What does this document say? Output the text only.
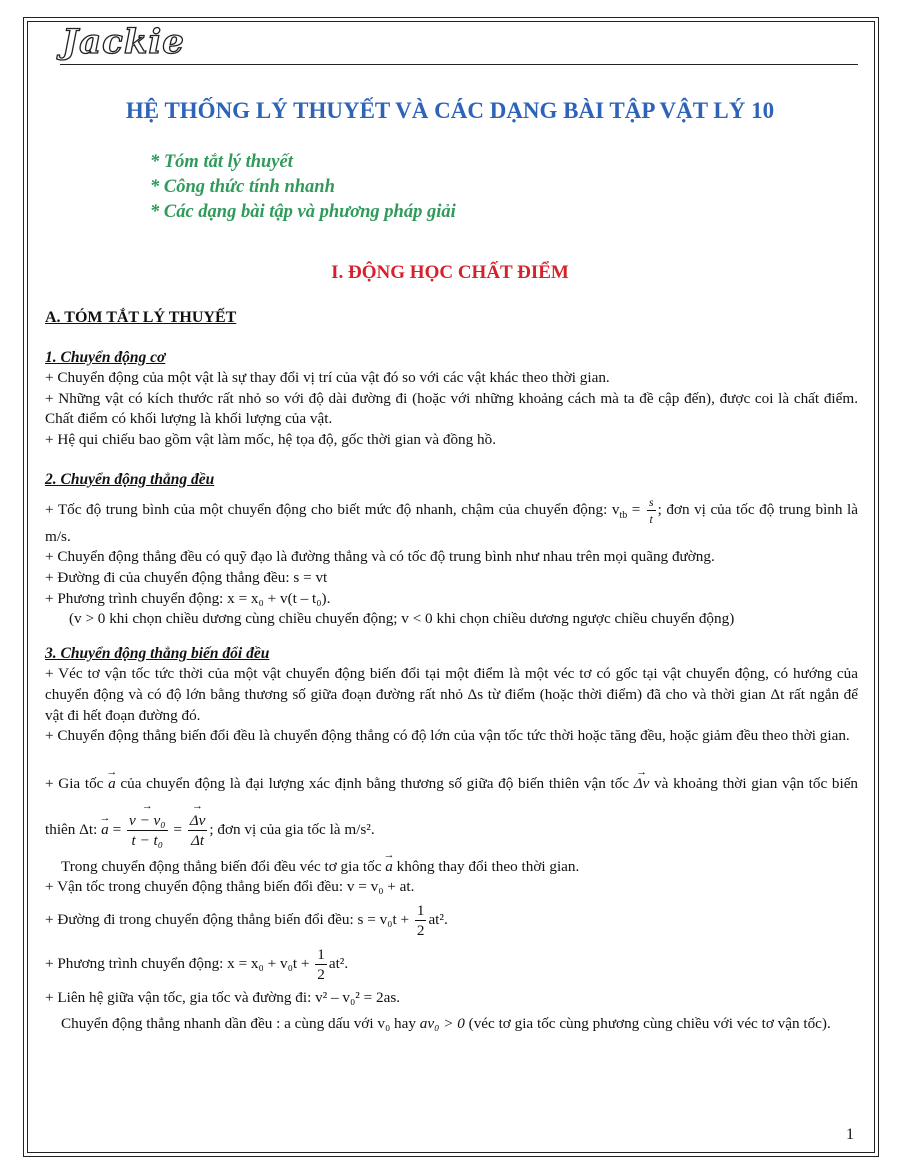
Jackie
HỆ THỐNG LÝ THUYẾT VÀ CÁC DẠNG BÀI TẬP VẬT LÝ 10
* Tóm tắt lý thuyết
* Công thức tính nhanh
* Các dạng bài tập và phương pháp giải
I. ĐỘNG HỌC CHẤT ĐIỂM

A. TÓM TẮT LÝ THUYẾT

1. Chuyển động cơ

+ Chuyển động của một vật là sự thay đổi vị trí của vật đó so với các vật khác theo thời gian.

+ Những vật có kích thước rất nhỏ so với độ dài đường đi (hoặc với những khoảng cách mà ta đề cập đến), được coi là chất điểm. Chất điểm có khối lượng là khối lượng của vật.

+ Hệ qui chiếu bao gồm vật làm mốc, hệ tọa độ, gốc thời gian và đồng hồ.

2. Chuyển động thẳng đều

+ Tốc độ trung bình của một chuyển động cho biết mức độ nhanh, chậm của chuyển động: $v_{tb} = \frac{s}{t}$ ; đơn vị của tốc độ trung bình là m/s.

+ Chuyển động thẳng đều có quỹ đạo là đường thẳng và có tốc độ trung bình như nhau trên mọi quãng đường.

+ Đường đi của chuyển động thẳng đều: s = vt

+ Phương trình chuyển động: x = x₀ + v(t – t₀).

(v > 0 khi chọn chiều dương cùng chiều chuyển động; v < 0 khi chọn chiều dương ngược chiều chuyển động)

3. Chuyển động thẳng biến đổi đều

+ Véc tơ vận tốc tức thời của một vật chuyển động biến đổi tại một điểm là một véc tơ có gốc tại vật chuyển động, có hướng của chuyển động và có độ lớn bằng thương số giữa đoạn đường rất nhỏ Δs từ điểm (hoặc thời điểm) đã cho và thời gian Δt rất ngắn để vật đi hết đoạn đường đó.

+ Chuyển động thẳng biến đổi đều là chuyển động thẳng có độ lớn của vận tốc tức thời hoặc tăng đều, hoặc giảm đều theo thời gian.

+ Gia tốc → a của chuyển động là đại lượng xác định bằng thương số giữa độ biến thiên vận tốc → Δv và khoảng thời gian vận tốc biến thiên Δt: → a = → $\frac{\text{v − v₀}}{\text{t − t₀}}$ = → $\frac{\Delta v}{\Delta t}$ ; đơn vị của gia tốc là m/s².

Trong chuyển động thẳng biến đổi đều véc tơ gia tốc → a không thay đổi theo thời gian.

+ Vận tốc trong chuyển động thẳng biến đổi đều: v = v₀ + at.

+ Đường đi trong chuyển động thẳng biến đổi đều: $s = v_0t + \frac{1}{2} at^2$.

+ Phương trình chuyển động: $x = x_0 + v_0t + \frac{1}{2} at^2$.

+ Liên hệ giữa vận tốc, gia tốc và đường đi: v² – v₀² = 2as.

Chuyển động thẳng nhanh dần đều : a cùng dấu với v₀ hay av₀ > 0 (véc tơ gia tốc cùng phương cùng chiều với véc tơ vận tốc).

1
